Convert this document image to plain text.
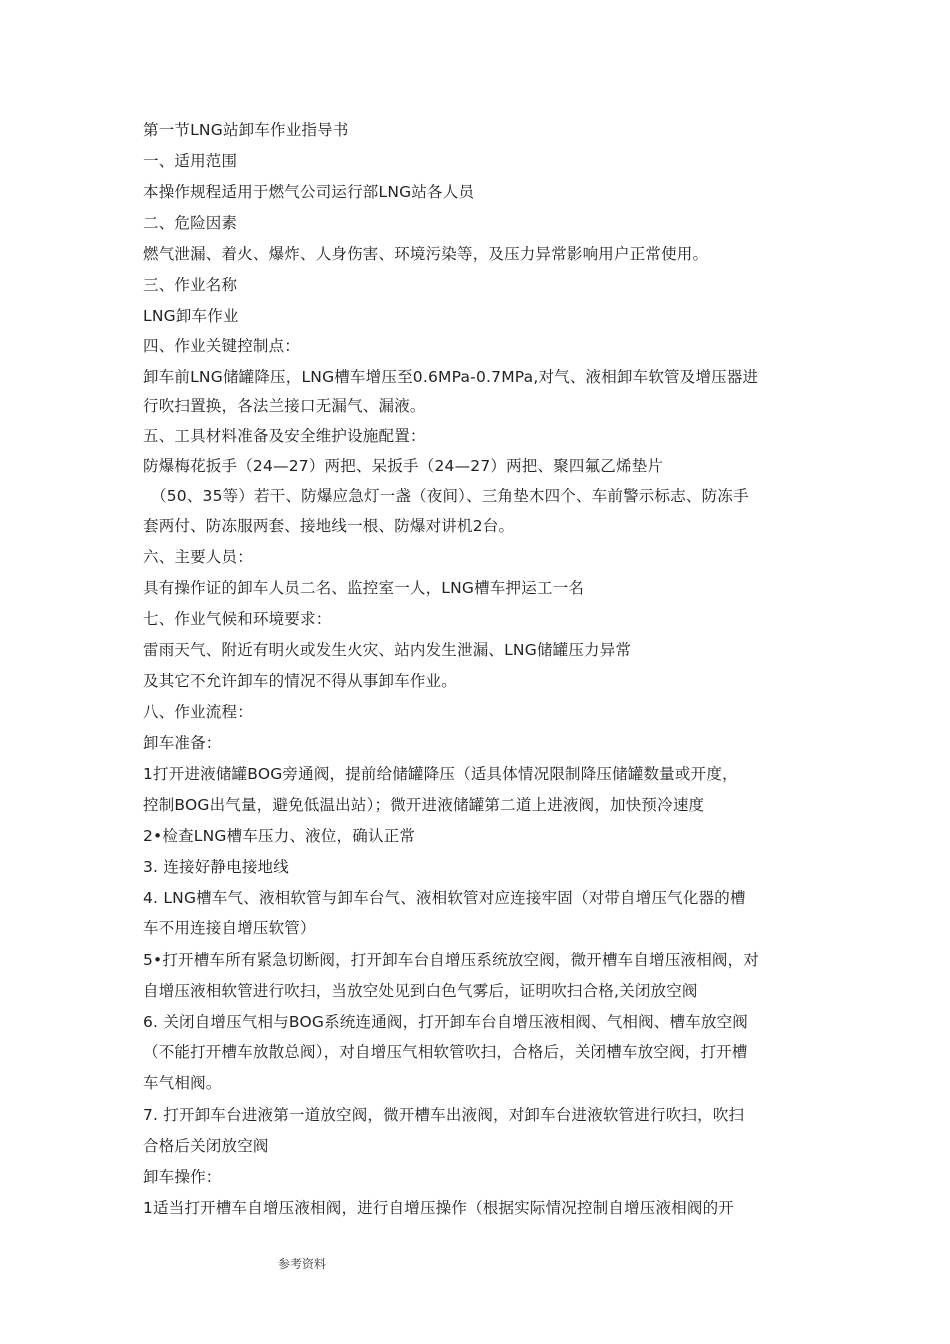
第一节LNG站卸车作业指导书
一、适用范围
本操作规程适用于燃气公司运行部LNG站各人员
二、危险因素
燃气泄漏、着火、爆炸、人身伤害、环境污染等，及压力异常影响用户正常使用。
三、作业名称
LNG卸车作业
四、作业关键控制点：
卸车前LNG储罐降压，LNG槽车增压至0.6MPa-0.7MPa,对气、液相卸车软管及增压器进
行吹扫置换，各法兰接口无漏气、漏液。
五、工具材料准备及安全维护设施配置：
防爆梅花扳手（24—27）两把、呆扳手（24—27）两把、聚四氟乙烯垫片
（50、35等）若干、防爆应急灯一盏（夜间）、三角垫木四个、车前警示标志、防冻手
套两付、防冻服两套、接地线一根、防爆对讲机2台。
六、主要人员：
具有操作证的卸车人员二名、监控室一人，LNG槽车押运工一名
七、作业气候和环境要求：
雷雨天气、附近有明火或发生火灾、站内发生泄漏、LNG储罐压力异常
及其它不允许卸车的情况不得从事卸车作业。
八、作业流程：
卸车准备：
1打开进液储罐BOG旁通阀，提前给储罐降压（适具体情况限制降压储罐数量或开度，
控制BOG出气量，避免低温出站）；微开进液储罐第二道上进液阀，加快预冷速度
2•检查LNG槽车压力、液位，确认正常
3. 连接好静电接地线
4. LNG槽车气、液相软管与卸车台气、液相软管对应连接牢固（对带自增压气化器的槽
车不用连接自增压软管）
5•打开槽车所有紧急切断阀，打开卸车台自增压系统放空阀，微开槽车自增压液相阀，对
自增压液相软管进行吹扫，当放空处见到白色气雾后，证明吹扫合格,关闭放空阀
6. 关闭自增压气相与BOG系统连通阀，打开卸车台自增压液相阀、气相阀、槽车放空阀
（不能打开槽车放散总阀），对自增压气相软管吹扫，合格后，关闭槽车放空阀，打开槽
车气相阀。
7. 打开卸车台进液第一道放空阀，微开槽车出液阀，对卸车台进液软管进行吹扫，吹扫
合格后关闭放空阀
卸车操作：
1适当打开槽车自增压液相阀，进行自增压操作（根据实际情况控制自增压液相阀的开
参考资料
